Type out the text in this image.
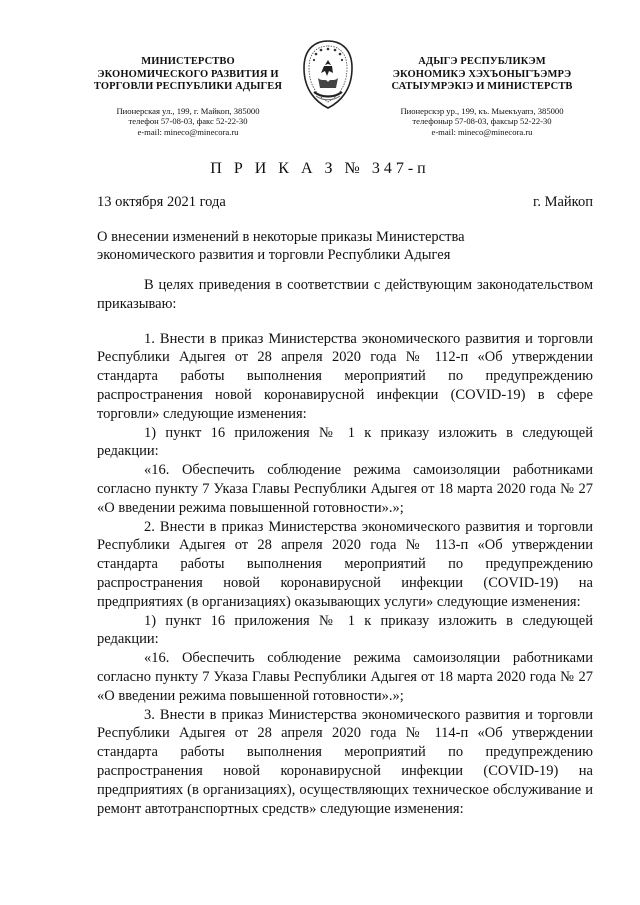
МИНИСТЕРСТВО
ЭКОНОМИЧЕСКОГО РАЗВИТИЯ И
ТОРГОВЛИ РЕСПУБЛИКИ АДЫГЕЯ
Пионерская ул., 199, г. Майкоп, 385000
телефон 57-08-03, факс 52-22-30
e-mail: mineco@minecora.ru
АДЫГЭ РЕСПУБЛИКЭМ
ЭКОНОМИКЭ ХЭХЪОНЫГЪЭМРЭ
САТЫУМРЭКIЭ И МИНИСТЕРСТВ
Пионерскэр ур., 199, къ. Мыекъуапэ, 385000
телефоныр 57-08-03, факсыр 52-22-30
e-mail: mineco@minecora.ru
П Р И К А З № 347-п
13 октября 2021 года	г. Майкоп
О внесении изменений в некоторые приказы Министерства экономического развития и торговли Республики Адыгея

В целях приведения в соответствии с действующим законодательством приказываю:

1. Внести в приказ Министерства экономического развития и торговли Республики Адыгея от 28 апреля 2020 года № 112-п «Об утверждении стандарта работы выполнения мероприятий по предупреждению распространения новой коронавирусной инфекции (COVID-19) в сфере торговли» следующие изменения:

1) пункт 16 приложения № 1 к приказу изложить в следующей редакции:

«16. Обеспечить соблюдение режима самоизоляции работниками согласно пункту 7 Указа Главы Республики Адыгея от 18 марта 2020 года № 27 «О введении режима повышенной готовности».»;

2. Внести в приказ Министерства экономического развития и торговли Республики Адыгея от 28 апреля 2020 года № 113-п «Об утверждении стандарта работы выполнения мероприятий по предупреждению распространения новой коронавирусной инфекции (COVID-19) на предприятиях (в организациях) оказывающих услуги» следующие изменения:

1) пункт 16 приложения № 1 к приказу изложить в следующей редакции:

«16. Обеспечить соблюдение режима самоизоляции работниками согласно пункту 7 Указа Главы Республики Адыгея от 18 марта 2020 года № 27 «О введении режима повышенной готовности».»;

3. Внести в приказ Министерства экономического развития и торговли Республики Адыгея от 28 апреля 2020 года № 114-п «Об утверждении стандарта работы выполнения мероприятий по предупреждению распространения новой коронавирусной инфекции (COVID-19) на предприятиях (в организациях), осуществляющих техническое обслуживание и ремонт автотранспортных средств» следующие изменения:
